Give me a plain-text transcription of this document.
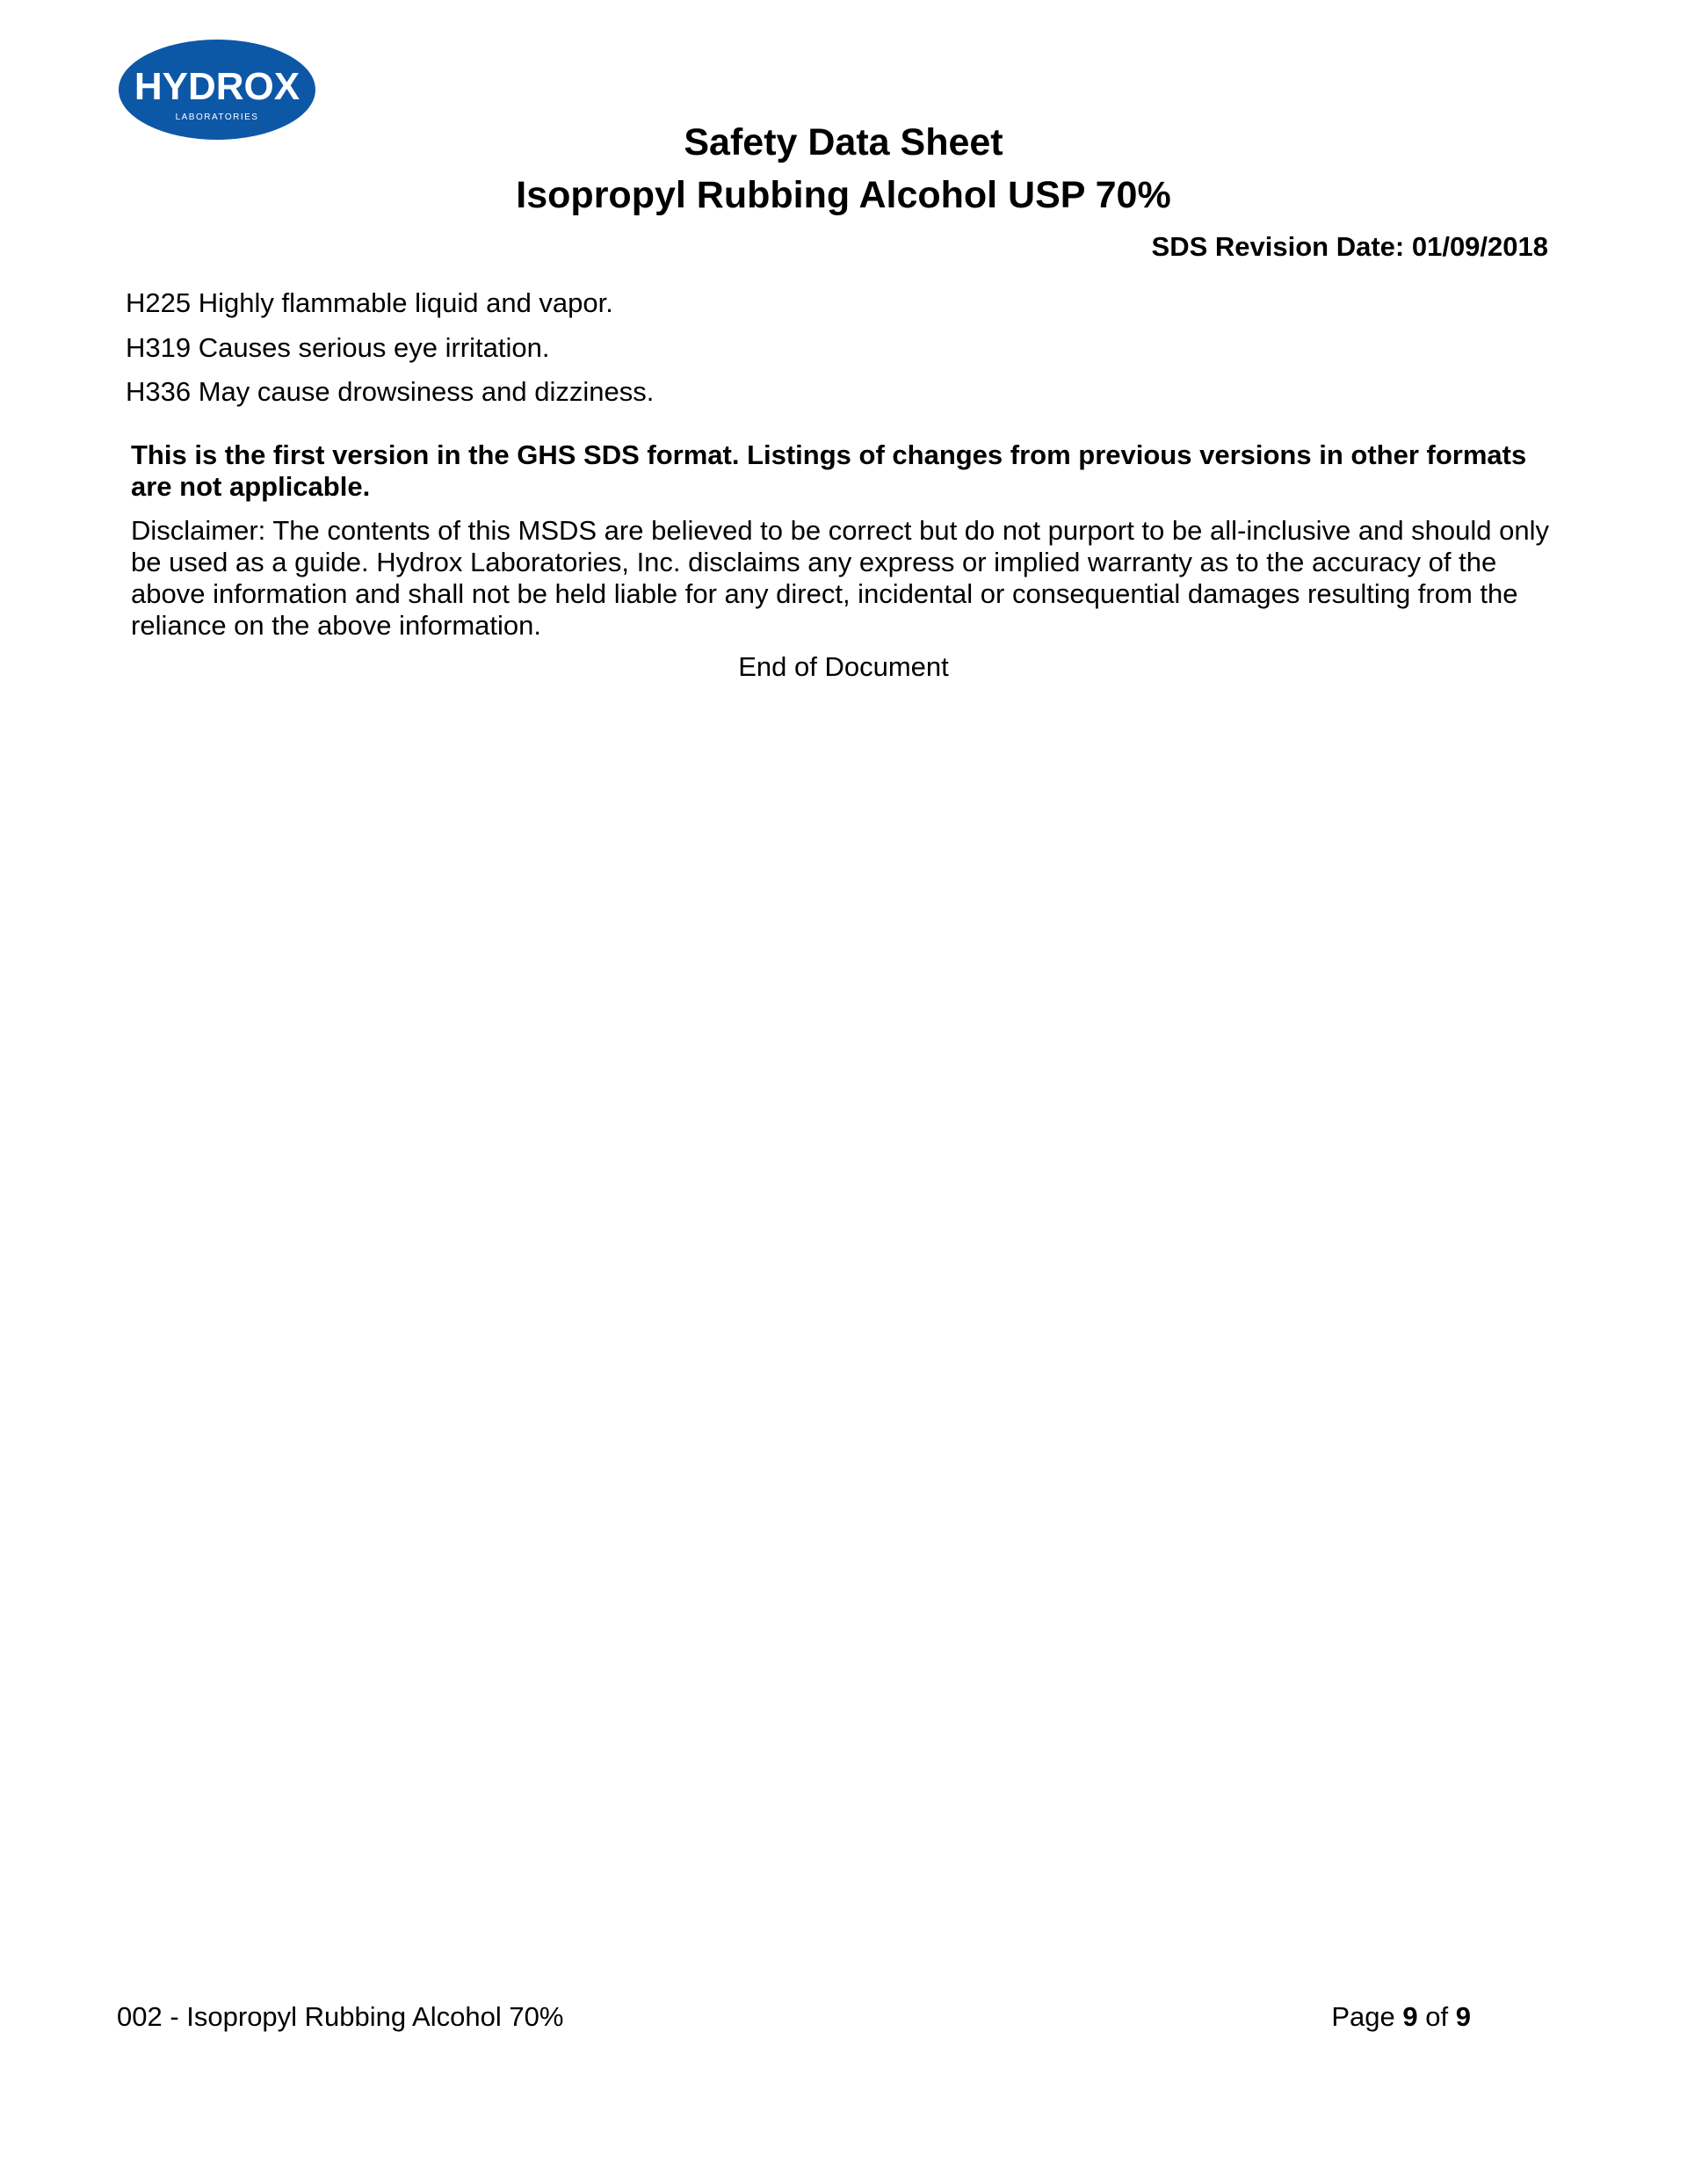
HYDROX
LABORATORIES
Safety Data Sheet
Isopropyl Rubbing Alcohol USP 70%
SDS Revision Date: 01/09/2018
H225 Highly flammable liquid and vapor.
H319 Causes serious eye irritation.
H336 May cause drowsiness and dizziness.
This is the first version in the GHS SDS format. Listings of changes from previous versions in other formats are not applicable.
Disclaimer: The contents of this MSDS are believed to be correct but do not purport to be all-inclusive and should only be used as a guide. Hydrox Laboratories, Inc. disclaims any express or implied warranty as to the accuracy of the above information and shall not be held liable for any direct, incidental or consequential damages resulting from the reliance on the above information.
End of Document
002 - Isopropyl Rubbing Alcohol 70%	Page 9 of 9
